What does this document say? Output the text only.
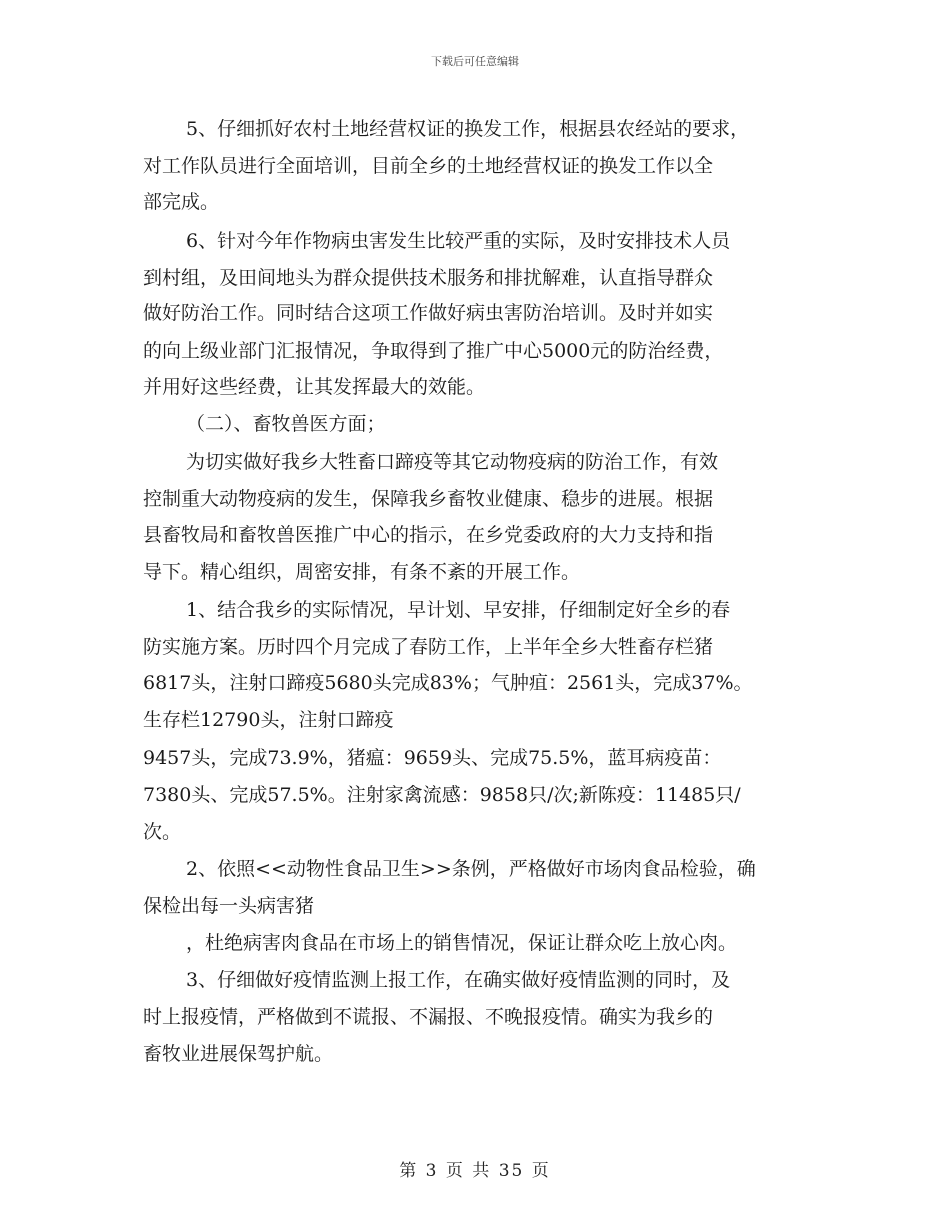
下载后可任意编辑
5、仔细抓好农村土地经营权证的换发工作，根据县农经站的要求，
对工作队员进行全面培训，目前全乡的土地经营权证的换发工作以全
部完成。
6、针对今年作物病虫害发生比较严重的实际，及时安排技术人员
到村组，及田间地头为群众提供技术服务和排扰解难，认直指导群众
做好防治工作。同时结合这项工作做好病虫害防治培训。及时并如实
的向上级业部门汇报情况，争取得到了推广中心5000元的防治经费，
并用好这些经费，让其发挥最大的效能。
（二）、畜牧兽医方面；
为切实做好我乡大牲畜口蹄疫等其它动物疫病的防治工作，有效
控制重大动物疫病的发生，保障我乡畜牧业健康、稳步的进展。根据
县畜牧局和畜牧兽医推广中心的指示，在乡党委政府的大力支持和指
导下。精心组织，周密安排，有条不紊的开展工作。
1、结合我乡的实际情况，早计划、早安排，仔细制定好全乡的春
防实施方案。历时四个月完成了春防工作，上半年全乡大牲畜存栏猪
6817头，注射口蹄疫5680头完成83%；气肿疽：2561头，完成37%。
生存栏12790头，注射口蹄疫
9457头，完成73.9%，猪瘟：9659头、完成75.5%，蓝耳病疫苗：
7380头、完成57.5%。注射家禽流感：9858只/次;新陈疫：11485只/
次。
2、依照<<动物性食品卫生>>条例，严格做好市场肉食品检验，确
保检出每一头病害猪
，杜绝病害肉食品在市场上的销售情况，保证让群众吃上放心肉。
3、仔细做好疫情监测上报工作，在确实做好疫情监测的同时，及
时上报疫情，严格做到不谎报、不漏报、不晚报疫情。确实为我乡的
畜牧业进展保驾护航。
第 3 页 共 35 页
